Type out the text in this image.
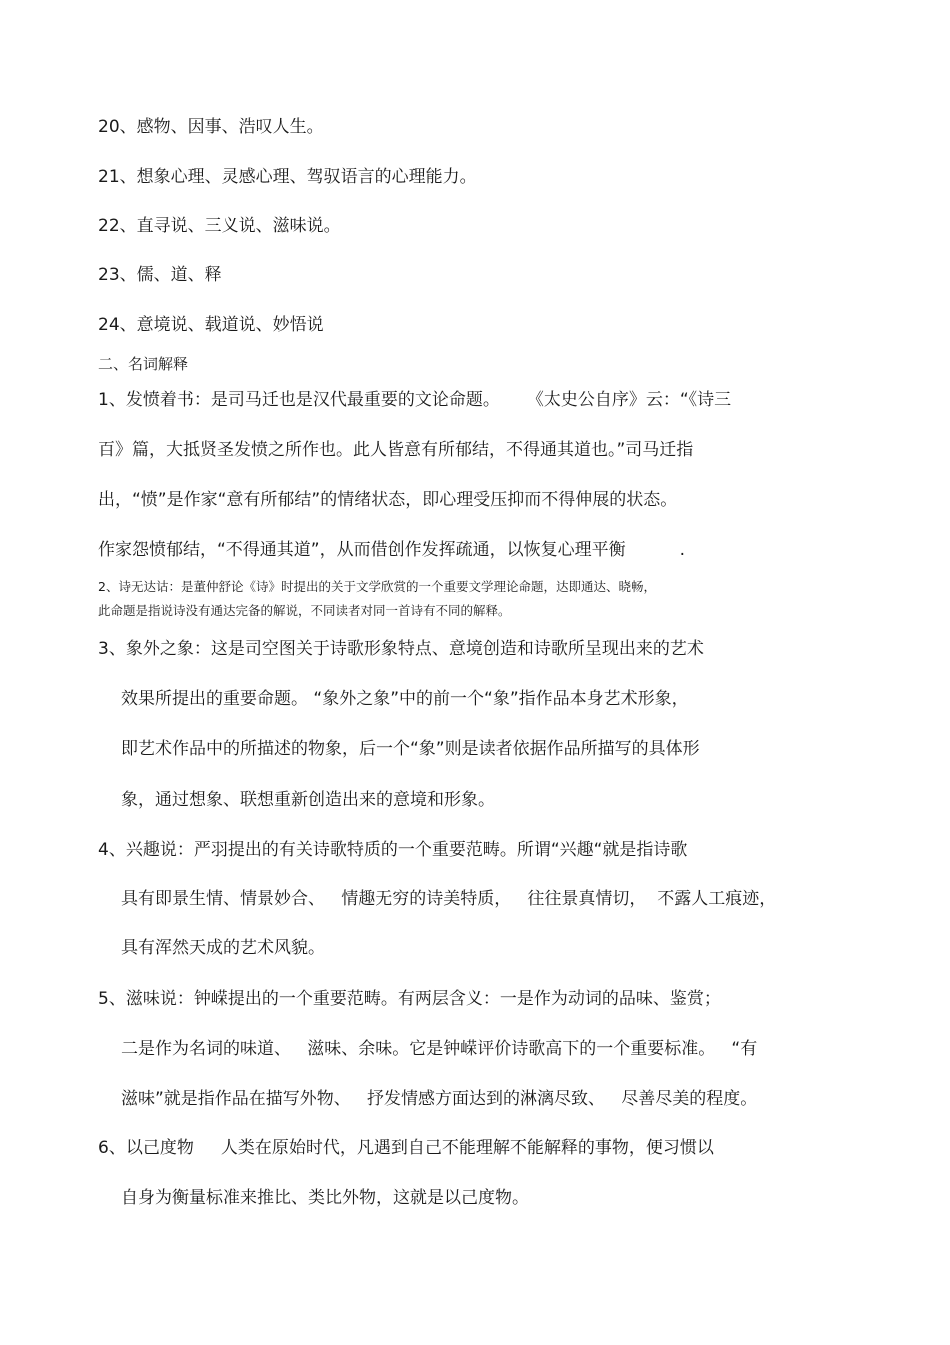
20、感物、因事、浩叹人生。
21、想象心理、灵感心理、驾驭语言的心理能力。
22、直寻说、三义说、滋味说。
23、儒、道、释
24、意境说、载道说、妙悟说
二、名词解释
1、发愤着书：是司马迁也是汉代最重要的文论命题。     《太史公自序》云：“《诗三
百》篇，大抵贤圣发愤之所作也。此人皆意有所郁结，不得通其道也。”司马迁指
出，“愤”是作家“意有所郁结”的情绪状态，即心理受压抑而不得伸展的状态。
作家怨愤郁结，“不得通其道”，从而借创作发挥疏通，以恢复心理平衡          .
2、诗无达诂：是董仲舒论《诗》时提出的关于文学欣赏的一个重要文学理论命题，达即通达、晓畅，
此命题是指说诗没有通达完备的解说，不同读者对同一首诗有不同的解释。
3、象外之象：这是司空图关于诗歌形象特点、意境创造和诗歌所呈现出来的艺术
效果所提出的重要命题。 “象外之象”中的前一个“象”指作品本身艺术形象，
即艺术作品中的所描述的物象，后一个“象”则是读者依据作品所描写的具体形
象，通过想象、联想重新创造出来的意境和形象。
4、兴趣说：严羽提出的有关诗歌特质的一个重要范畴。所谓“兴趣“就是指诗歌
具有即景生情、情景妙合、   情趣无穷的诗美特质，   往往景真情切，  不露人工痕迹，
具有浑然天成的艺术风貌。
5、滋味说：钟嵘提出的一个重要范畴。有两层含义：一是作为动词的品味、鉴赏；
二是作为名词的味道、   滋味、余味。它是钟嵘评价诗歌高下的一个重要标准。   “有
滋味”就是指作品在描写外物、   抒发情感方面达到的淋漓尽致、   尽善尽美的程度。
6、以己度物     人类在原始时代，凡遇到自己不能理解不能解释的事物，便习惯以
自身为衡量标准来推比、类比外物，这就是以己度物。
